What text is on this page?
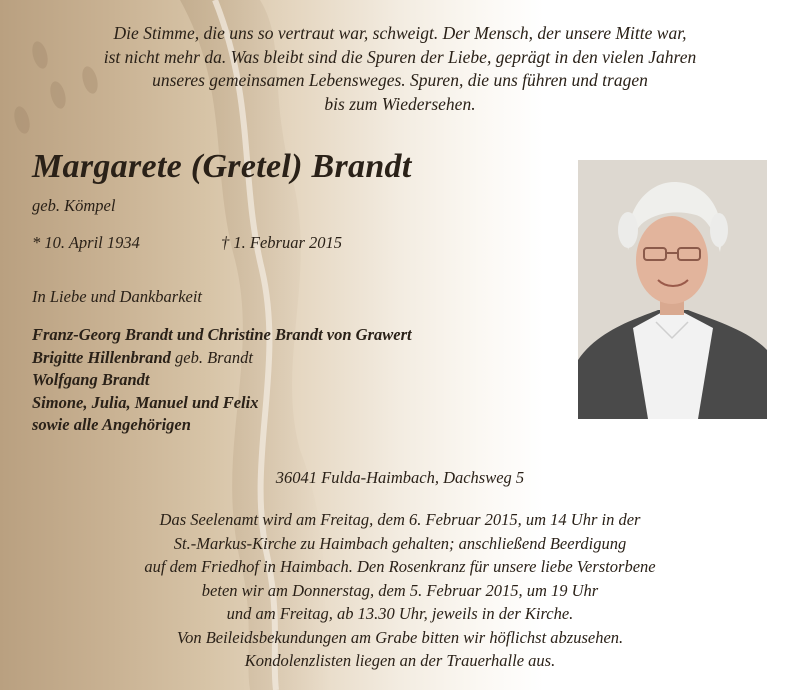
Die Stimme, die uns so vertraut war, schweigt. Der Mensch, der unsere Mitte war,
ist nicht mehr da. Was bleibt sind die Spuren der Liebe, geprägt in den vielen Jahren
unseres gemeinsamen Lebensweges. Spuren, die uns führen und tragen
bis zum Wiedersehen.
Margarete (Gretel) Brandt
geb. Kömpel
* 10. April 1934	† 1. Februar 2015
In Liebe und Dankbarkeit
Franz-Georg Brandt und Christine Brandt von Grawert
Brigitte Hillenbrand geb. Brandt
Wolfgang Brandt
Simone, Julia, Manuel und Felix
sowie alle Angehörigen
36041 Fulda-Haimbach, Dachsweg 5
Das Seelenamt wird am Freitag, dem 6. Februar 2015, um 14 Uhr in der
St.-Markus-Kirche zu Haimbach gehalten; anschließend Beerdigung
auf dem Friedhof in Haimbach. Den Rosenkranz für unsere liebe Verstorbene
beten wir am Donnerstag, dem 5. Februar 2015, um 19 Uhr
und am Freitag, ab 13.30 Uhr, jeweils in der Kirche.
Von Beileidsbekundungen am Grabe bitten wir höflichst abzusehen.
Kondolenzlisten liegen an der Trauerhalle aus.
